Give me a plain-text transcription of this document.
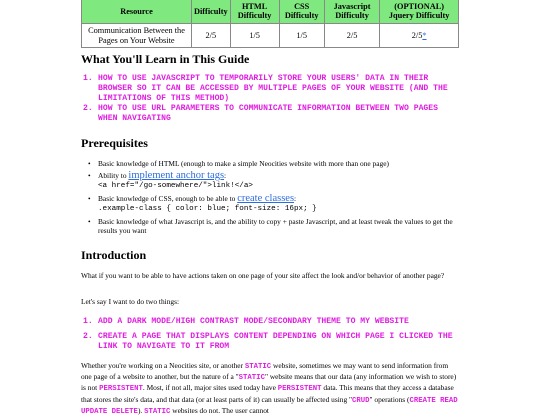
Resource	Difficulty	HTML Difficulty	CSS Difficulty	Javascript Difficulty	(OPTIONAL) Jquery Difficulty
Communication Between the Pages on Your Website	2/5	1/5	1/5	2/5	2/5*
What You'll Learn in This Guide
1. HOW TO USE JAVASCRIPT TO TEMPORARILY STORE YOUR USERS' DATA IN THEIR BROWSER SO IT CAN BE ACCESSED BY MULTIPLE PAGES OF YOUR WEBSITE (AND THE LIMITATIONS OF THIS METHOD)
2. HOW TO USE URL PARAMETERS TO COMMUNICATE INFORMATION BETWEEN TWO PAGES WHEN NAVIGATING
Prerequisites
• Basic knowledge of HTML (enough to make a simple Neocities website with more than one page)
• Ability to implement anchor tags:
<a href="/go-somewhere/">link!</a>
• Basic knowledge of CSS, enough to be able to create classes:
.example-class { color: blue; font-size: 16px; }
• Basic knowledge of what Javascript is, and the ability to copy + paste Javascript, and at least tweak the values to get the results you want
Introduction

What if you want to be able to have actions taken on one page of your site affect the look and/or behavior of another page?

Let's say I want to do two things:

1. ADD A DARK MODE/HIGH CONTRAST MODE/SECONDARY THEME TO MY WEBSITE
2. CREATE A PAGE THAT DISPLAYS CONTENT DEPENDING ON WHICH PAGE I CLICKED THE LINK TO NAVIGATE TO IT FROM

Whether you're working on a Neocities site, or another STATIC website, sometimes we may want to send information from one page of a website to another, but the nature of a "STATIC" website means that our data (any information we wish to store) is not PERSISTENT. Most, if not all, major sites used today have PERSISTENT data. This means that they access a database that stores the site's data, and that data (or at least parts of it) can usually be affected using "CRUD" operations (CREATE READ UPDATE DELETE). STATIC websites do not. The user cannot
